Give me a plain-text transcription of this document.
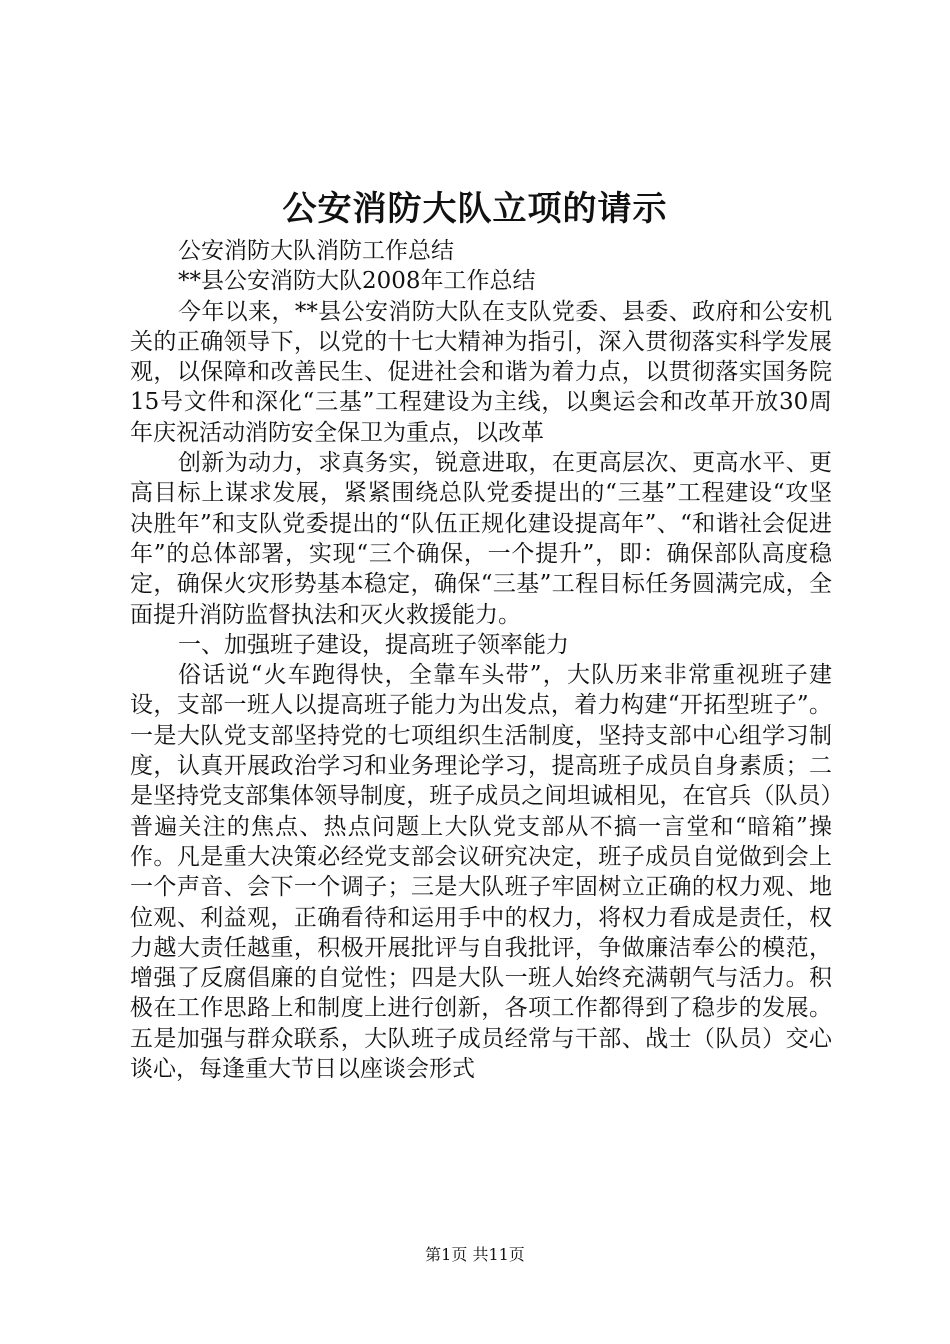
公安消防大队立项的请示

公安消防大队消防工作总结

**县公安消防大队2008年工作总结

今年以来，**县公安消防大队在支队党委、县委、政府和公安机关的正确领导下，以党的十七大精神为指引，深入贯彻落实科学发展观，以保障和改善民生、促进社会和谐为着力点，以贯彻落实国务院15号文件和深化“三基”工程建设为主线，以奥运会和改革开放30周年庆祝活动消防安全保卫为重点，以改革

创新为动力，求真务实，锐意进取，在更高层次、更高水平、更高目标上谋求发展，紧紧围绕总队党委提出的“三基”工程建设“攻坚决胜年”和支队党委提出的“队伍正规化建设提高年”、“和谐社会促进年”的总体部署，实现“三个确保，一个提升”，即：确保部队高度稳定，确保火灾形势基本稳定，确保“三基”工程目标任务圆满完成，全面提升消防监督执法和灭火救援能力。

一、加强班子建设，提高班子领率能力

俗话说“火车跑得快，全靠车头带”，大队历来非常重视班子建设，支部一班人以提高班子能力为出发点，着力构建“开拓型班子”。一是大队党支部坚持党的七项组织生活制度，坚持支部中心组学习制度，认真开展政治学习和业务理论学习，提高班子成员自身素质；二是坚持党支部集体领导制度，班子成员之间坦诚相见，在官兵（队员）普遍关注的焦点、热点问题上大队党支部从不搞一言堂和“暗箱”操作。凡是重大决策必经党支部会议研究决定，班子成员自觉做到会上一个声音、会下一个调子；三是大队班子牢固树立正确的权力观、地位观、利益观，正确看待和运用手中的权力，将权力看成是责任，权力越大责任越重，积极开展批评与自我批评，争做廉洁奉公的模范，增强了反腐倡廉的自觉性；四是大队一班人始终充满朝气与活力。积极在工作思路上和制度上进行创新，各项工作都得到了稳步的发展。五是加强与群众联系，大队班子成员经常与干部、战士（队员）交心谈心，每逢重大节日以座谈会形式

第1页 共11页
